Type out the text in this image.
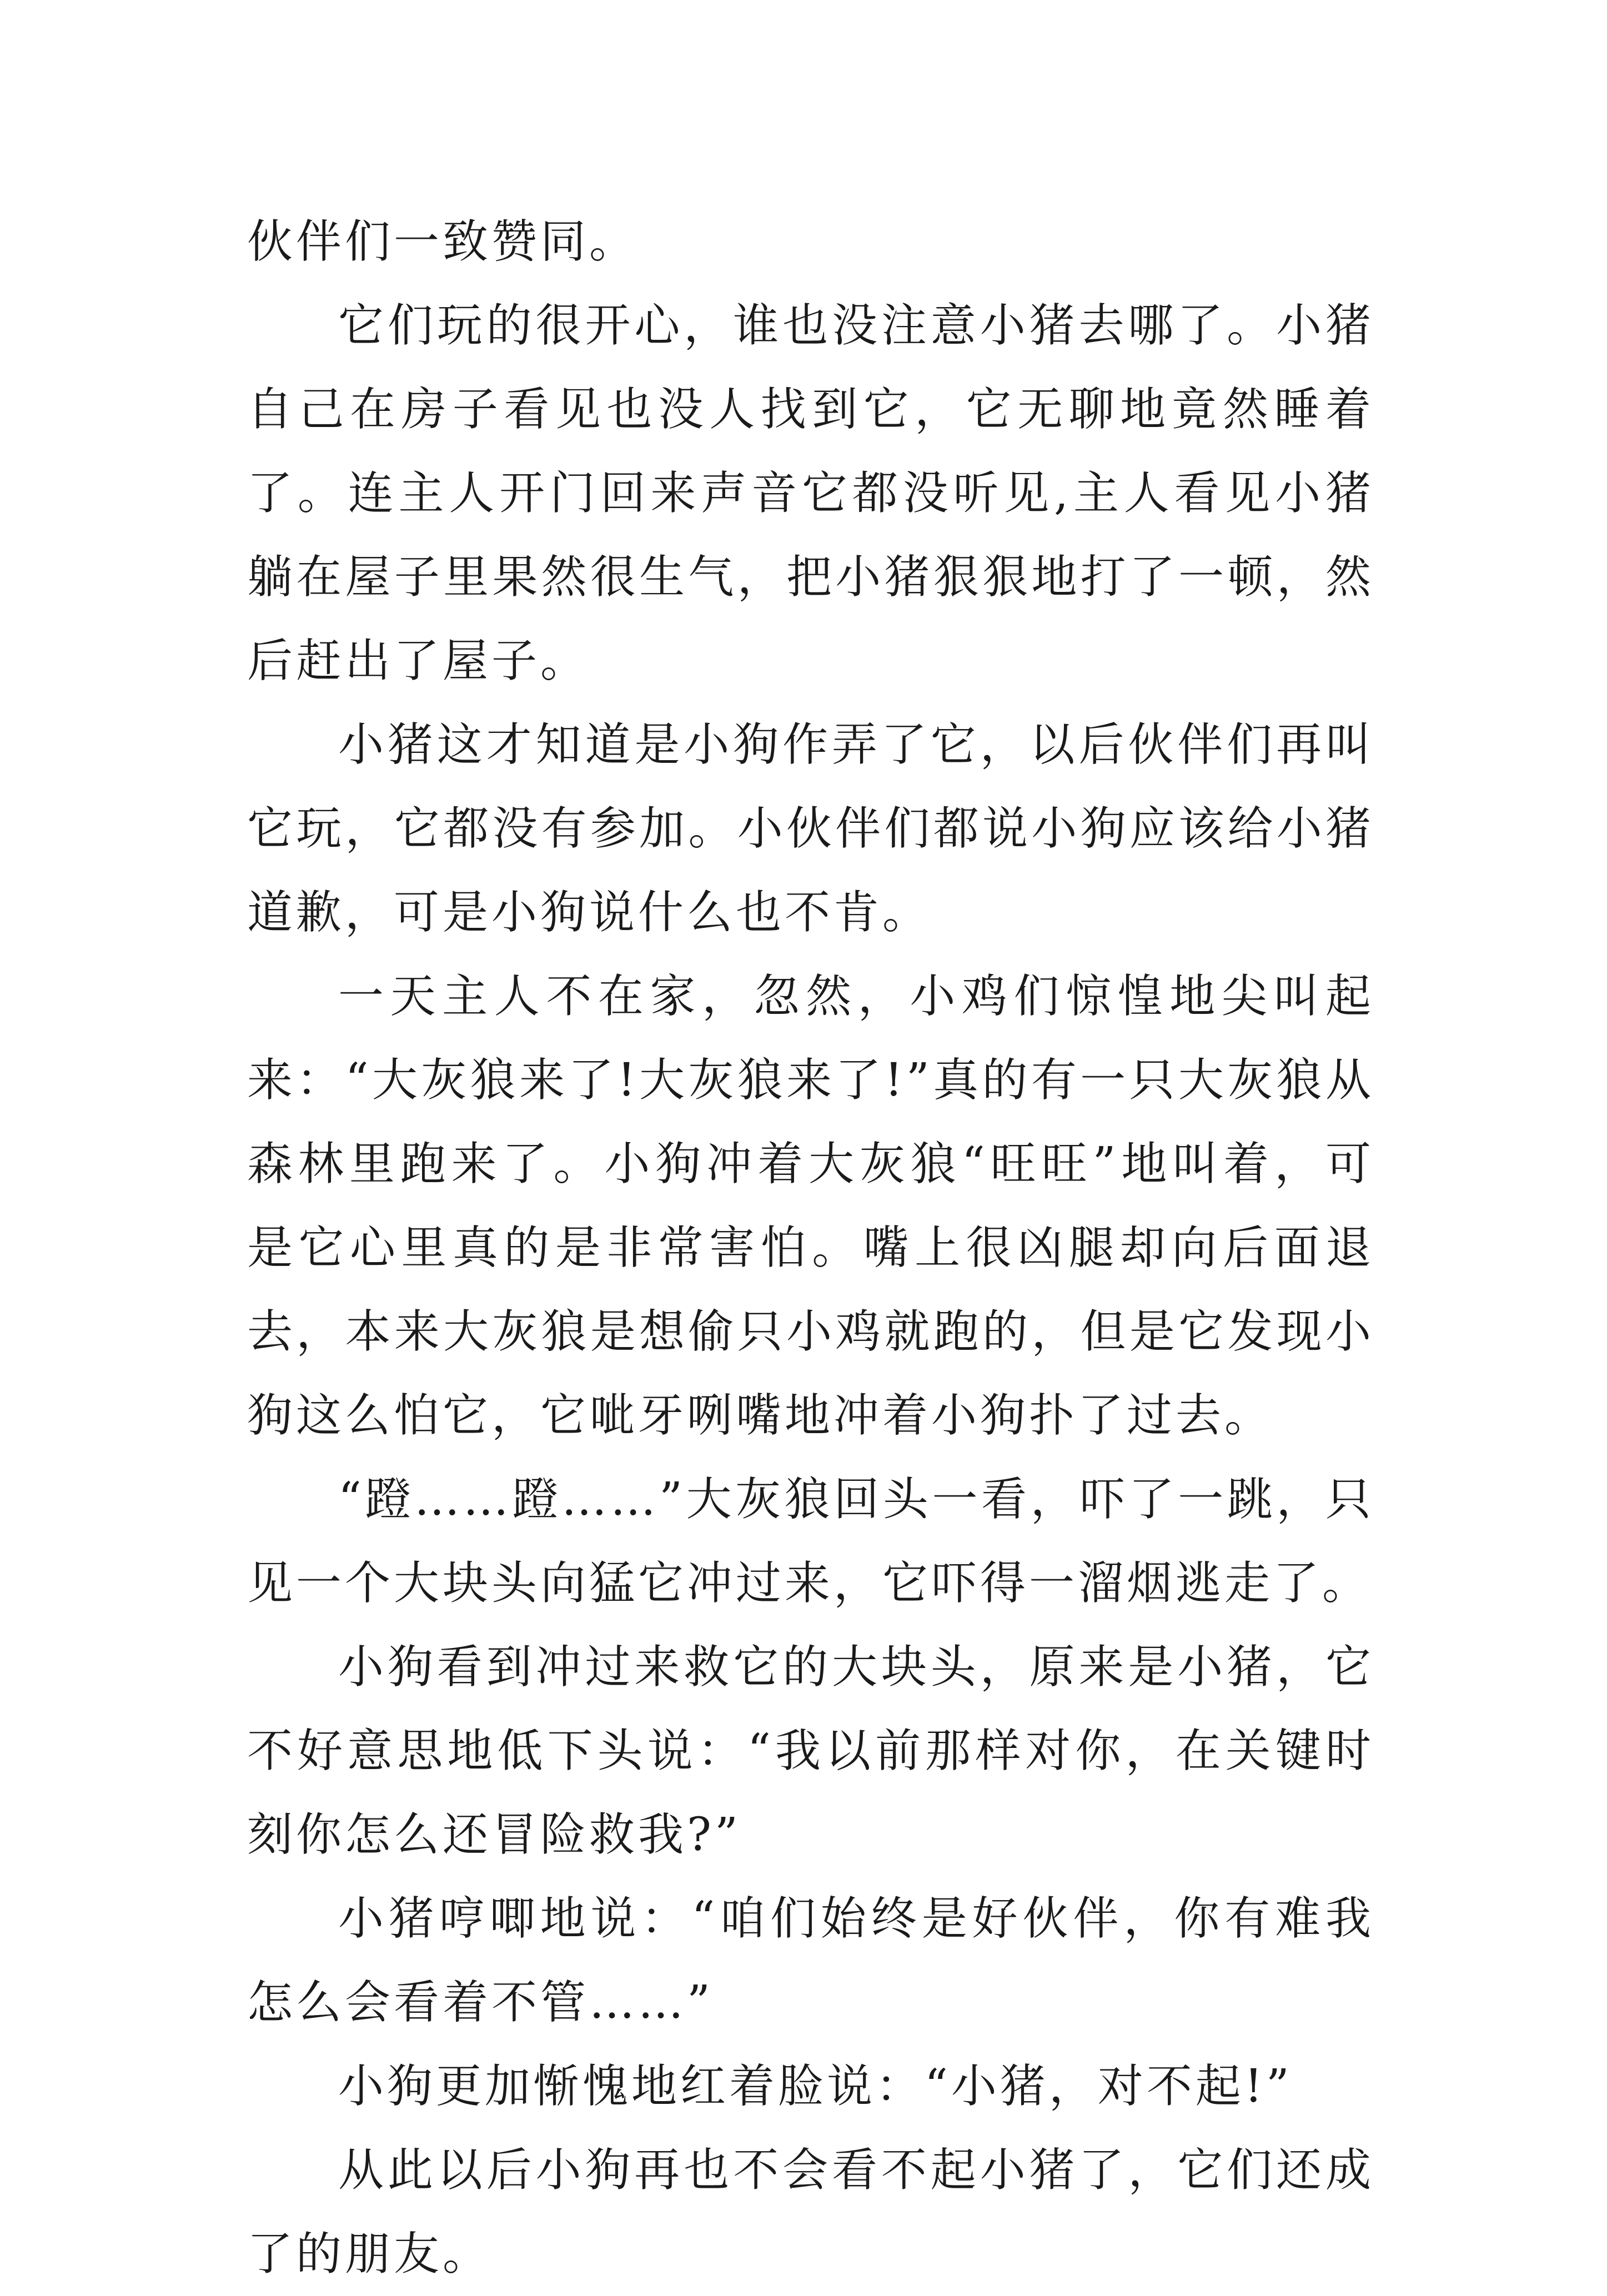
伙伴们一致赞同。

它们玩的很开心，谁也没注意小猪去哪了。小猪自己在房子看见也没人找到它，它无聊地竟然睡着了。连主人开门回来声音它都没听见,主人看见小猪躺在屋子里果然很生气，把小猪狠狠地打了一顿，然后赶出了屋子。

小猪这才知道是小狗作弄了它，以后伙伴们再叫它玩，它都没有参加。小伙伴们都说小狗应该给小猪道歉，可是小狗说什么也不肯。

一天主人不在家，忽然，小鸡们惊惶地尖叫起来：“大灰狼来了!大灰狼来了!”真的有一只大灰狼从森林里跑来了。小狗冲着大灰狼“旺旺”地叫着，可是它心里真的是非常害怕。嘴上很凶腿却向后面退去，本来大灰狼是想偷只小鸡就跑的，但是它发现小狗这么怕它，它呲牙咧嘴地冲着小狗扑了过去。

“蹬……蹬……”大灰狼回头一看，吓了一跳，只见一个大块头向猛它冲过来，它吓得一溜烟逃走了。

小狗看到冲过来救它的大块头，原来是小猪，它不好意思地低下头说：“我以前那样对你，在关键时刻你怎么还冒险救我?”

小猪哼唧地说：“咱们始终是好伙伴，你有难我怎么会看着不管……”

小狗更加惭愧地红着脸说：“小猪，对不起!”

从此以后小狗再也不会看不起小猪了，它们还成了的朋友。
